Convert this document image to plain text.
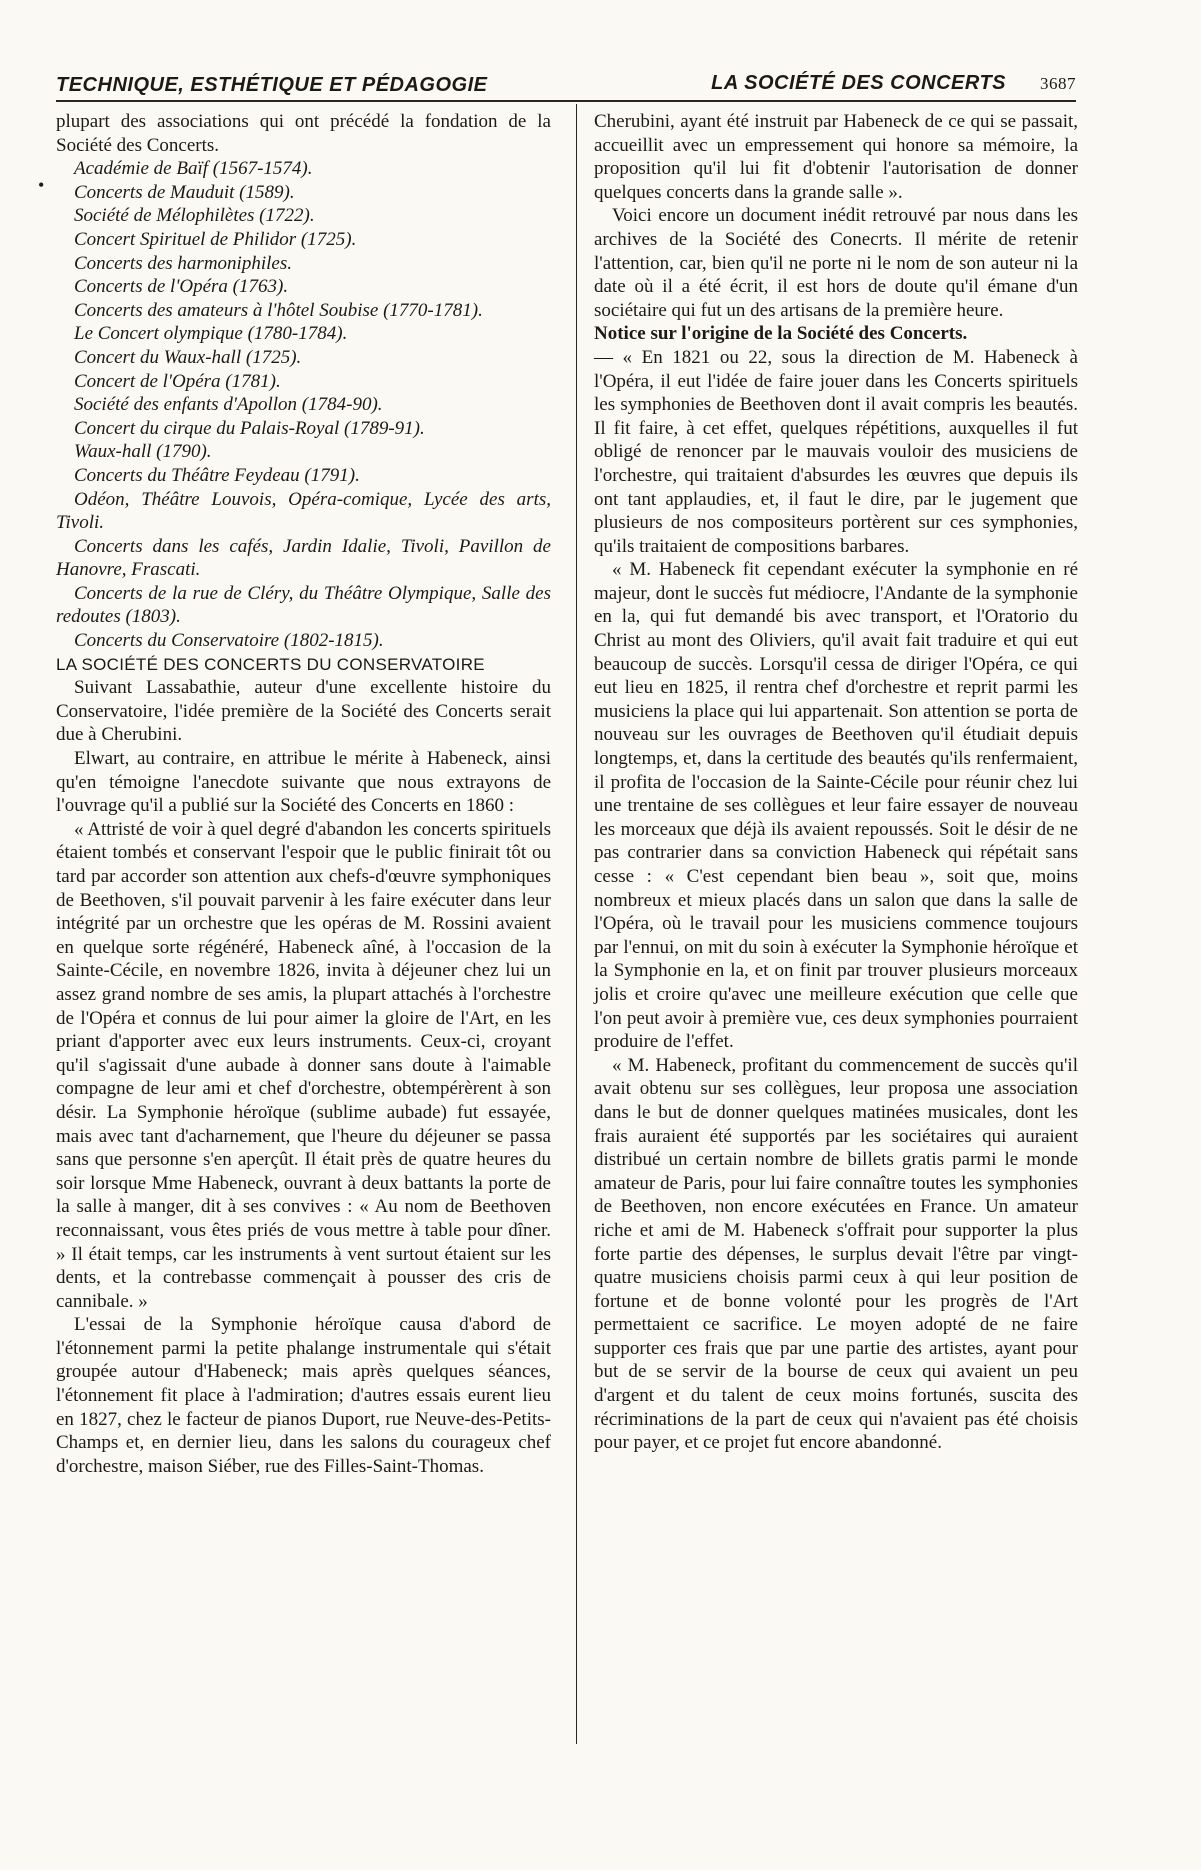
TECHNIQUE, ESTHÉTIQUE ET PÉDAGOGIE	LA SOCIÉTÉ DES CONCERTS 3687
•

plupart des associations qui ont précédé la fondation de la Société des Concerts.

Académie de Baïf (1567-1574).

Concerts de Mauduit (1589).

Société de Mélophilètes (1722).

Concert Spirituel de Philidor (1725).

Concerts des harmoniphiles.

Concerts de l'Opéra (1763).

Concerts des amateurs à l'hôtel Soubise (1770-1781).

Le Concert olympique (1780-1784).

Concert du Waux-hall (1725).

Concert de l'Opéra (1781).

Société des enfants d'Apollon (1784-90).

Concert du cirque du Palais-Royal (1789-91).

Waux-hall (1790).

Concerts du Théâtre Feydeau (1791).

Odéon, Théâtre Louvois, Opéra-comique, Lycée des arts, Tivoli.

Concerts dans les cafés, Jardin Idalie, Tivoli, Pavillon de Hanovre, Frascati.

Concerts de la rue de Cléry, du Théâtre Olympique, Salle des redoutes (1803).

Concerts du Conservatoire (1802-1815).

LA SOCIÉTÉ DES CONCERTS DU CONSERVATOIRE

Suivant Lassabathie, auteur d'une excellente histoire du Conservatoire, l'idée première de la Société des Concerts serait due à Cherubini.

Elwart, au contraire, en attribue le mérite à Habeneck, ainsi qu'en témoigne l'anecdote suivante que nous extrayons de l'ouvrage qu'il a publié sur la Société des Concerts en 1860 :

« Attristé de voir à quel degré d'abandon les concerts spirituels étaient tombés et conservant l'espoir que le public finirait tôt ou tard par accorder son attention aux chefs-d'œuvre symphoniques de Beethoven, s'il pouvait parvenir à les faire exécuter dans leur intégrité par un orchestre que les opéras de M. Rossini avaient en quelque sorte régénéré, Habeneck aîné, à l'occasion de la Sainte-Cécile, en novembre 1826, invita à déjeuner chez lui un assez grand nombre de ses amis, la plupart attachés à l'orchestre de l'Opéra et connus de lui pour aimer la gloire de l'Art, en les priant d'apporter avec eux leurs instruments. Ceux-ci, croyant qu'il s'agissait d'une aubade à donner sans doute à l'aimable compagne de leur ami et chef d'orchestre, obtempérèrent à son désir. La Symphonie héroïque (sublime aubade) fut essayée, mais avec tant d'acharnement, que l'heure du déjeuner se passa sans que personne s'en aperçût. Il était près de quatre heures du soir lorsque Mme Habeneck, ouvrant à deux battants la porte de la salle à manger, dit à ses convives : « Au nom de Beethoven reconnaissant, vous êtes priés de vous mettre à table pour dîner. » Il était temps, car les instruments à vent surtout étaient sur les dents, et la contrebasse commençait à pousser des cris de cannibale. »

L'essai de la Symphonie héroïque causa d'abord de l'étonnement parmi la petite phalange instrumentale qui s'était groupée autour d'Habeneck; mais après quelques séances, l'étonnement fit place à l'admiration; d'autres essais eurent lieu en 1827, chez le facteur de pianos Duport, rue Neuve-des-Petits-Champs et, en dernier lieu, dans les salons du courageux chef d'orchestre, maison Siéber, rue des Filles-Saint-Thomas.

Cherubini, ayant été instruit par Habeneck de ce qui se passait, accueillit avec un empressement qui honore sa mémoire, la proposition qu'il lui fit d'obtenir l'autorisation de donner quelques concerts dans la grande salle ».

Voici encore un document inédit retrouvé par nous dans les archives de la Société des Conecrts. Il mérite de retenir l'attention, car, bien qu'il ne porte ni le nom de son auteur ni la date où il a été écrit, il est hors de doute qu'il émane d'un sociétaire qui fut un des artisans de la première heure.

Notice sur l'origine de la Société des Concerts.

— « En 1821 ou 22, sous la direction de M. Habeneck à l'Opéra, il eut l'idée de faire jouer dans les Concerts spirituels les symphonies de Beethoven dont il avait compris les beautés. Il fit faire, à cet effet, quelques répétitions, auxquelles il fut obligé de renoncer par le mauvais vouloir des musiciens de l'orchestre, qui traitaient d'absurdes les œuvres que depuis ils ont tant applaudies, et, il faut le dire, par le jugement que plusieurs de nos compositeurs portèrent sur ces symphonies, qu'ils traitaient de compositions barbares.

« M. Habeneck fit cependant exécuter la symphonie en ré majeur, dont le succès fut médiocre, l'Andante de la symphonie en la, qui fut demandé bis avec transport, et l'Oratorio du Christ au mont des Oliviers, qu'il avait fait traduire et qui eut beaucoup de succès. Lorsqu'il cessa de diriger l'Opéra, ce qui eut lieu en 1825, il rentra chef d'orchestre et reprit parmi les musiciens la place qui lui appartenait. Son attention se porta de nouveau sur les ouvrages de Beethoven qu'il étudiait depuis longtemps, et, dans la certitude des beautés qu'ils renfermaient, il profita de l'occasion de la Sainte-Cécile pour réunir chez lui une trentaine de ses collègues et leur faire essayer de nouveau les morceaux que déjà ils avaient repoussés. Soit le désir de ne pas contrarier dans sa conviction Habeneck qui répétait sans cesse : « C'est cependant bien beau », soit que, moins nombreux et mieux placés dans un salon que dans la salle de l'Opéra, où le travail pour les musiciens commence toujours par l'ennui, on mit du soin à exécuter la Symphonie héroïque et la Symphonie en la, et on finit par trouver plusieurs morceaux jolis et croire qu'avec une meilleure exécution que celle que l'on peut avoir à première vue, ces deux symphonies pourraient produire de l'effet.

« M. Habeneck, profitant du commencement de succès qu'il avait obtenu sur ses collègues, leur proposa une association dans le but de donner quelques matinées musicales, dont les frais auraient été supportés par les sociétaires qui auraient distribué un certain nombre de billets gratis parmi le monde amateur de Paris, pour lui faire connaître toutes les symphonies de Beethoven, non encore exécutées en France. Un amateur riche et ami de M. Habeneck s'offrait pour supporter la plus forte partie des dépenses, le surplus devait l'être par vingt-quatre musiciens choisis parmi ceux à qui leur position de fortune et de bonne volonté pour les progrès de l'Art permettaient ce sacrifice. Le moyen adopté de ne faire supporter ces frais que par une partie des artistes, ayant pour but de se servir de la bourse de ceux qui avaient un peu d'argent et du talent de ceux moins fortunés, suscita des récriminations de la part de ceux qui n'avaient pas été choisis pour payer, et ce projet fut encore abandonné.
